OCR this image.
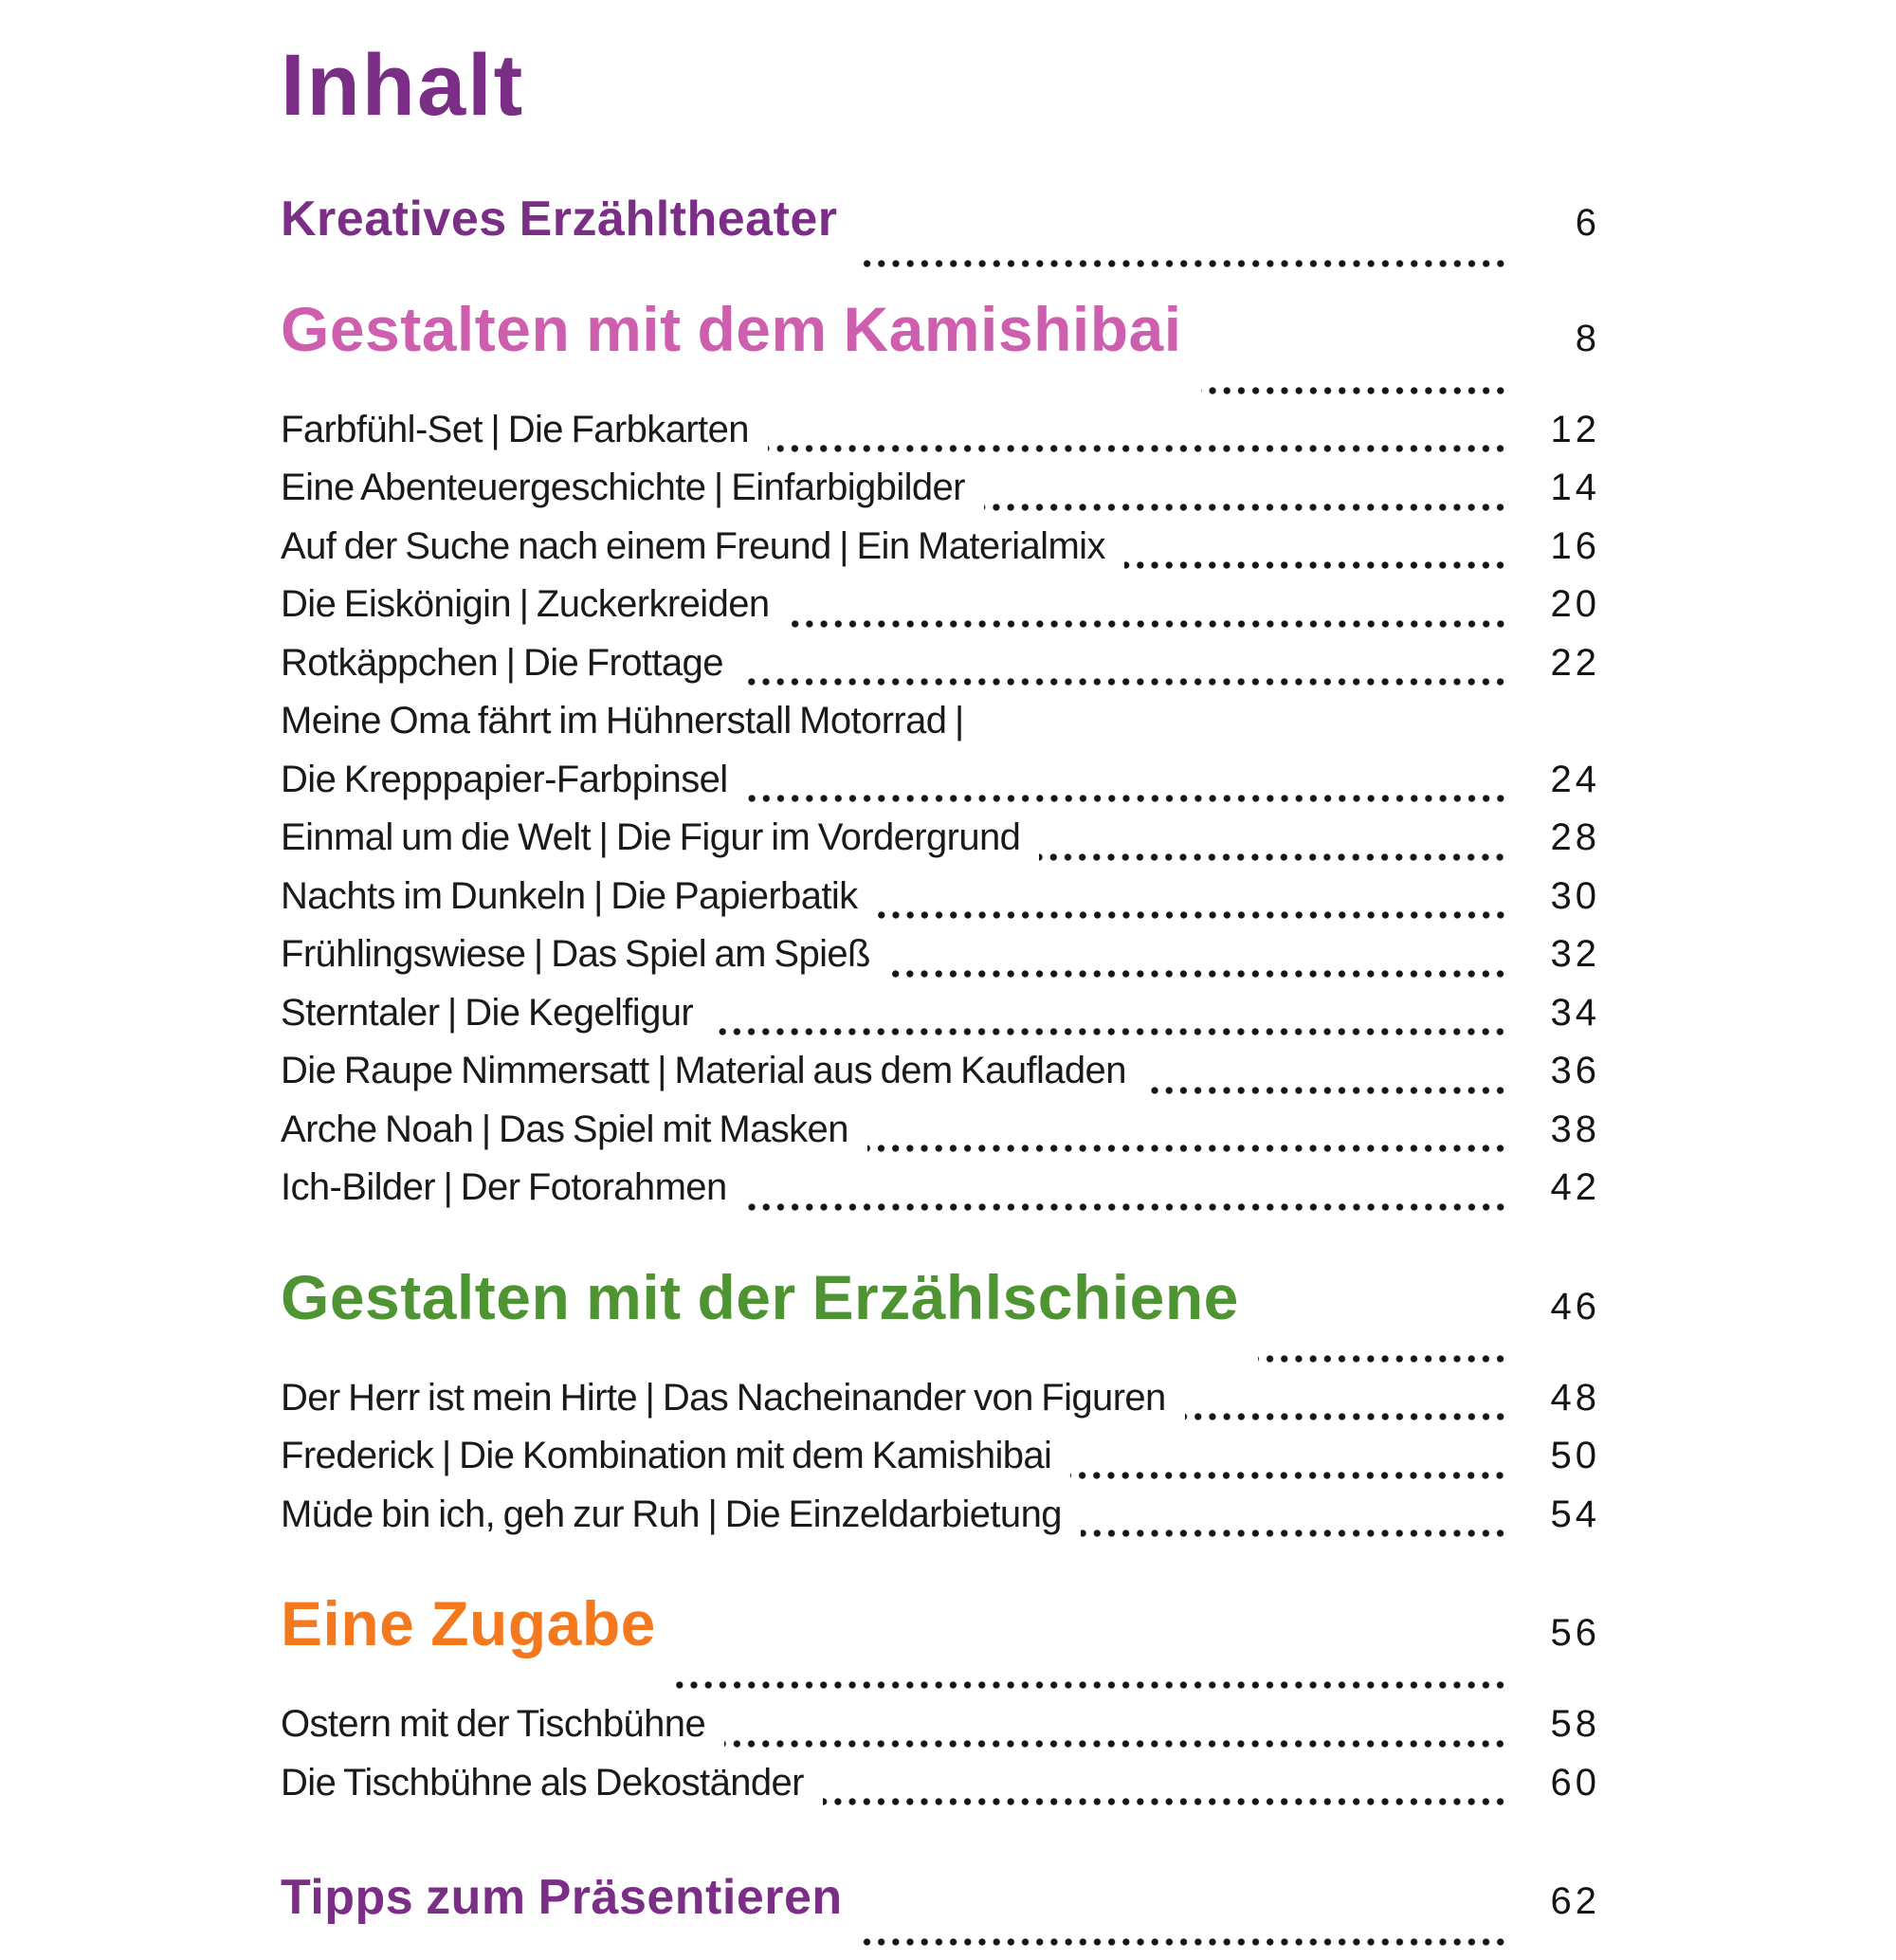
Inhalt
Kreatives Erzähltheater	6
Gestalten mit dem Kamishibai	8
Farbfühl-Set | Die Farbkarten	12
Eine Abenteuergeschichte | Einfarbigbilder	14
Auf der Suche nach einem Freund | Ein Materialmix	16
Die Eiskönigin | Zuckerkreiden	20
Rotkäppchen | Die Frottage	22
Meine Oma fährt im Hühnerstall Motorrad |
Die Krepppapier-Farbpinsel	24
Einmal um die Welt | Die Figur im Vordergrund	28
Nachts im Dunkeln | Die Papierbatik	30
Frühlingswiese | Das Spiel am Spieß	32
Sterntaler | Die Kegelfigur	34
Die Raupe Nimmersatt | Material aus dem Kaufladen	36
Arche Noah | Das Spiel mit Masken	38
Ich-Bilder | Der Fotorahmen	42
Gestalten mit der Erzählschiene	46
Der Herr ist mein Hirte | Das Nacheinander von Figuren	48
Frederick | Die Kombination mit dem Kamishibai	50
Müde bin ich, geh zur Ruh | Die Einzeldarbietung	54
Eine Zugabe	56
Ostern mit der Tischbühne	58
Die Tischbühne als Dekoständer	60
Tipps zum Präsentieren	62
